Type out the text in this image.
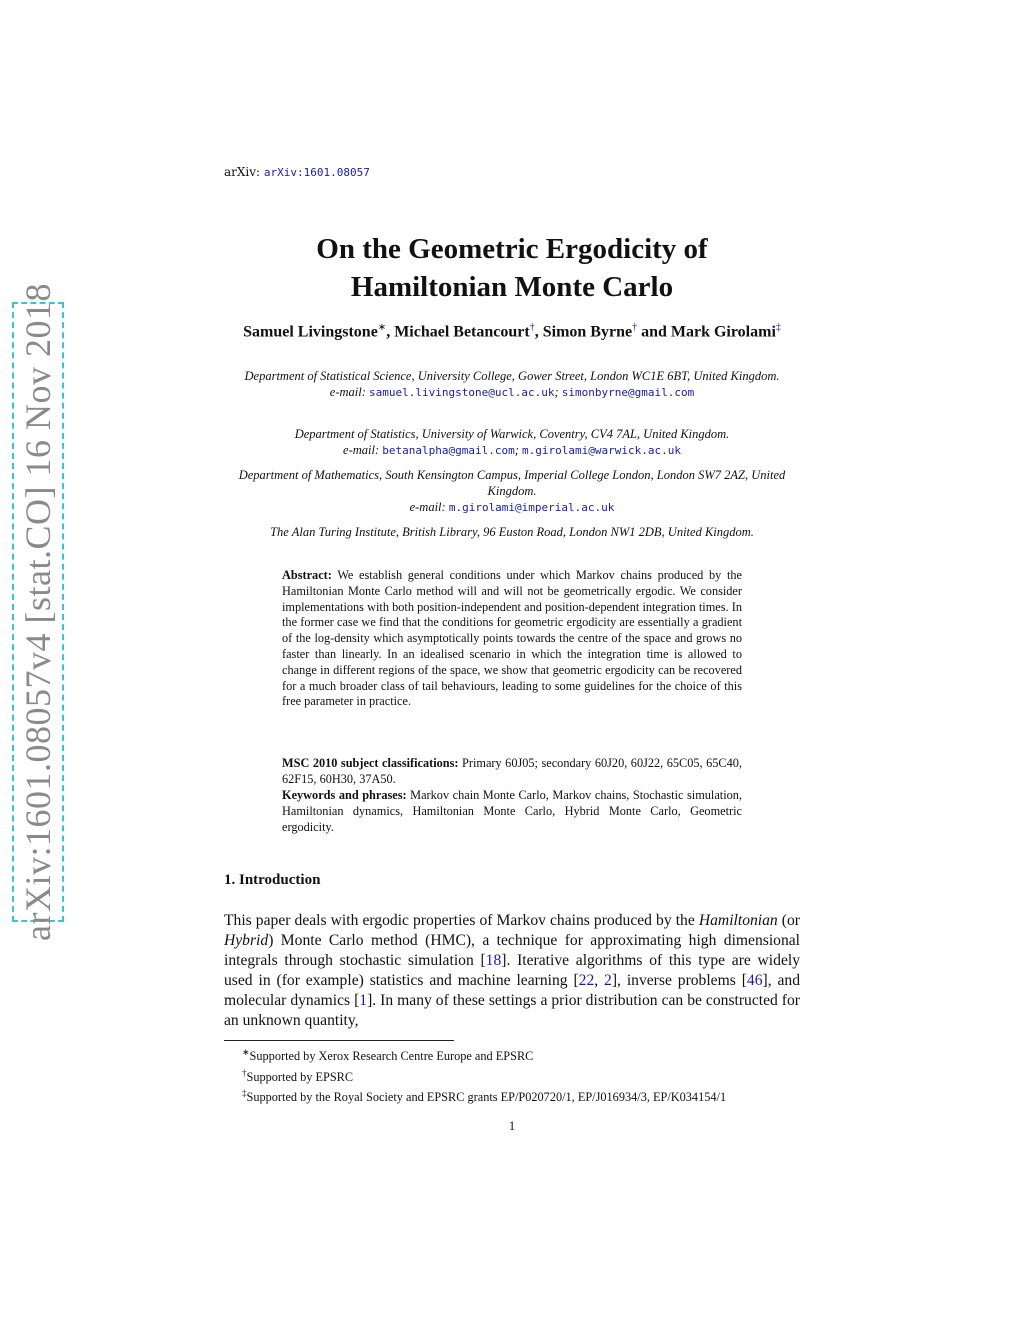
arXiv:1601.08057v4 [stat.CO] 16 Nov 2018
arXiv: arXiv:1601.08057
On the Geometric Ergodicity of
Hamiltonian Monte Carlo
Samuel Livingstone∗, Michael Betancourt†, Simon Byrne† and Mark Girolami‡
Department of Statistical Science, University College, Gower Street, London WC1E 6BT, United Kingdom.
e-mail: samuel.livingstone@ucl.ac.uk; simonbyrne@gmail.com
Department of Statistics, University of Warwick, Coventry, CV4 7AL, United Kingdom.
e-mail: betanalpha@gmail.com; m.girolami@warwick.ac.uk
Department of Mathematics, South Kensington Campus, Imperial College London, London SW7 2AZ, United Kingdom.
e-mail: m.girolami@imperial.ac.uk
The Alan Turing Institute, British Library, 96 Euston Road, London NW1 2DB, United Kingdom.
Abstract: We establish general conditions under which Markov chains produced by the Hamiltonian Monte Carlo method will and will not be geometrically ergodic. We consider implementations with both position-independent and position-dependent integration times. In the former case we find that the conditions for geometric ergodicity are essentially a gradient of the log-density which asymptotically points towards the centre of the space and grows no faster than linearly. In an idealised scenario in which the integration time is allowed to change in different regions of the space, we show that geometric ergodicity can be recovered for a much broader class of tail behaviours, leading to some guidelines for the choice of this free parameter in practice.
MSC 2010 subject classifications: Primary 60J05; secondary 60J20, 60J22, 65C05, 65C40, 62F15, 60H30, 37A50.
Keywords and phrases: Markov chain Monte Carlo, Markov chains, Stochastic simulation, Hamiltonian dynamics, Hamiltonian Monte Carlo, Hybrid Monte Carlo, Geometric ergodicity.
1. Introduction
This paper deals with ergodic properties of Markov chains produced by the Hamiltonian (or Hybrid) Monte Carlo method (HMC), a technique for approximating high dimensional integrals through stochastic simulation [18]. Iterative algorithms of this type are widely used in (for example) statistics and machine learning [22, 2], inverse problems [46], and molecular dynamics [1]. In many of these settings a prior distribution can be constructed for an unknown quantity,

∗Supported by Xerox Research Centre Europe and EPSRC

†Supported by EPSRC

‡Supported by the Royal Society and EPSRC grants EP/P020720/1, EP/J016934/3, EP/K034154/1

1
